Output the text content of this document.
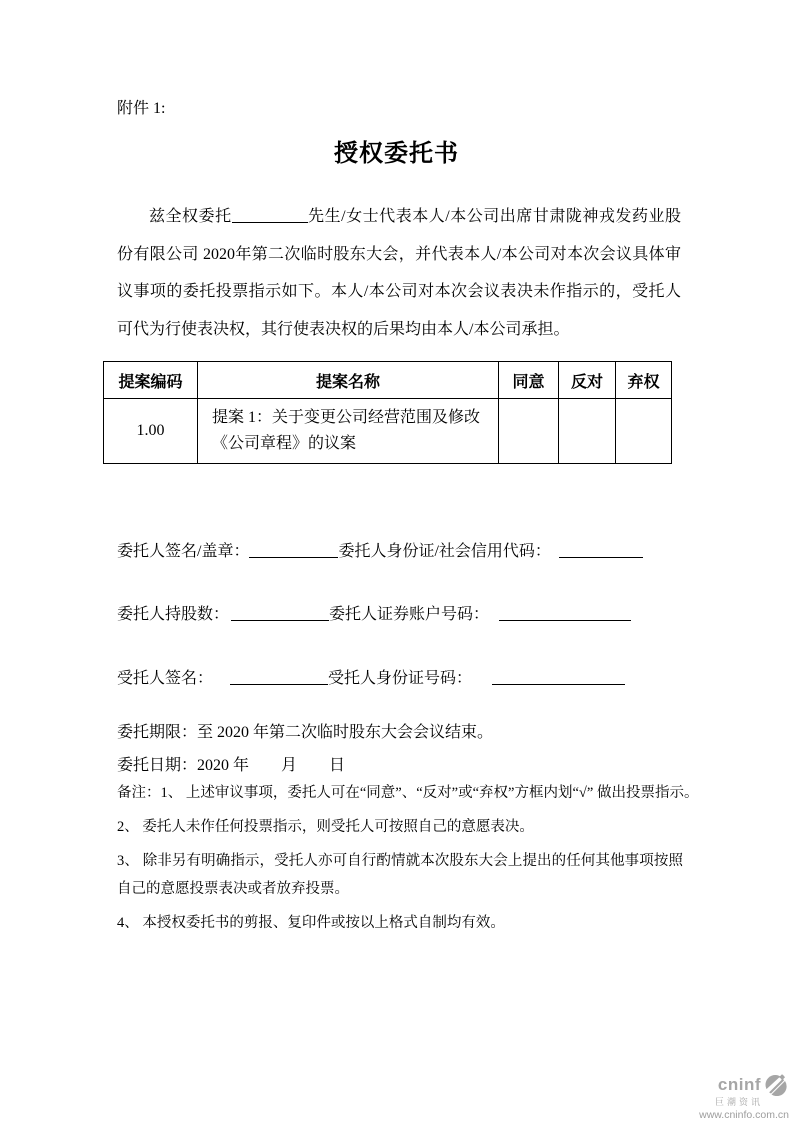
附件 1:
授权委托书
兹全权委托	先生/女士代表本人/本公司出席甘肃陇神戎发药业股份有限公司 2020年第二次临时股东大会，并代表本人/本公司对本次会议具体审议事项的委托投票指示如下。本人/本公司对本次会议表决未作指示的，受托人可代为行使表决权，其行使表决权的后果均由本人/本公司承担。
提案编码	提案名称	同意	反对	弃权
1.00	提案 1：关于变更公司经营范围及修改《公司章程》的议案			
委托人签名/盖章：	委托人身份证/社会信用代码：
委托人持股数：	委托人证券账户号码：
受托人签名：	受托人身份证号码：
委托期限：至 2020 年第二次临时股东大会会议结束。
委托日期：2020 年　　月　　日

备注：1、 上述审议事项，委托人可在“同意”、“反对”或“弃权”方框内划“√” 做出投票指示。

2、 委托人未作任何投票指示，则受托人可按照自己的意愿表决。

3、 除非另有明确指示，受托人亦可自行酌情就本次股东大会上提出的任何其他事项按照自己的意愿投票表决或者放弃投票。

4、 本授权委托书的剪报、复印件或按以上格式自制均有效。

cninf
巨潮资讯
www.cninfo.com.cn
